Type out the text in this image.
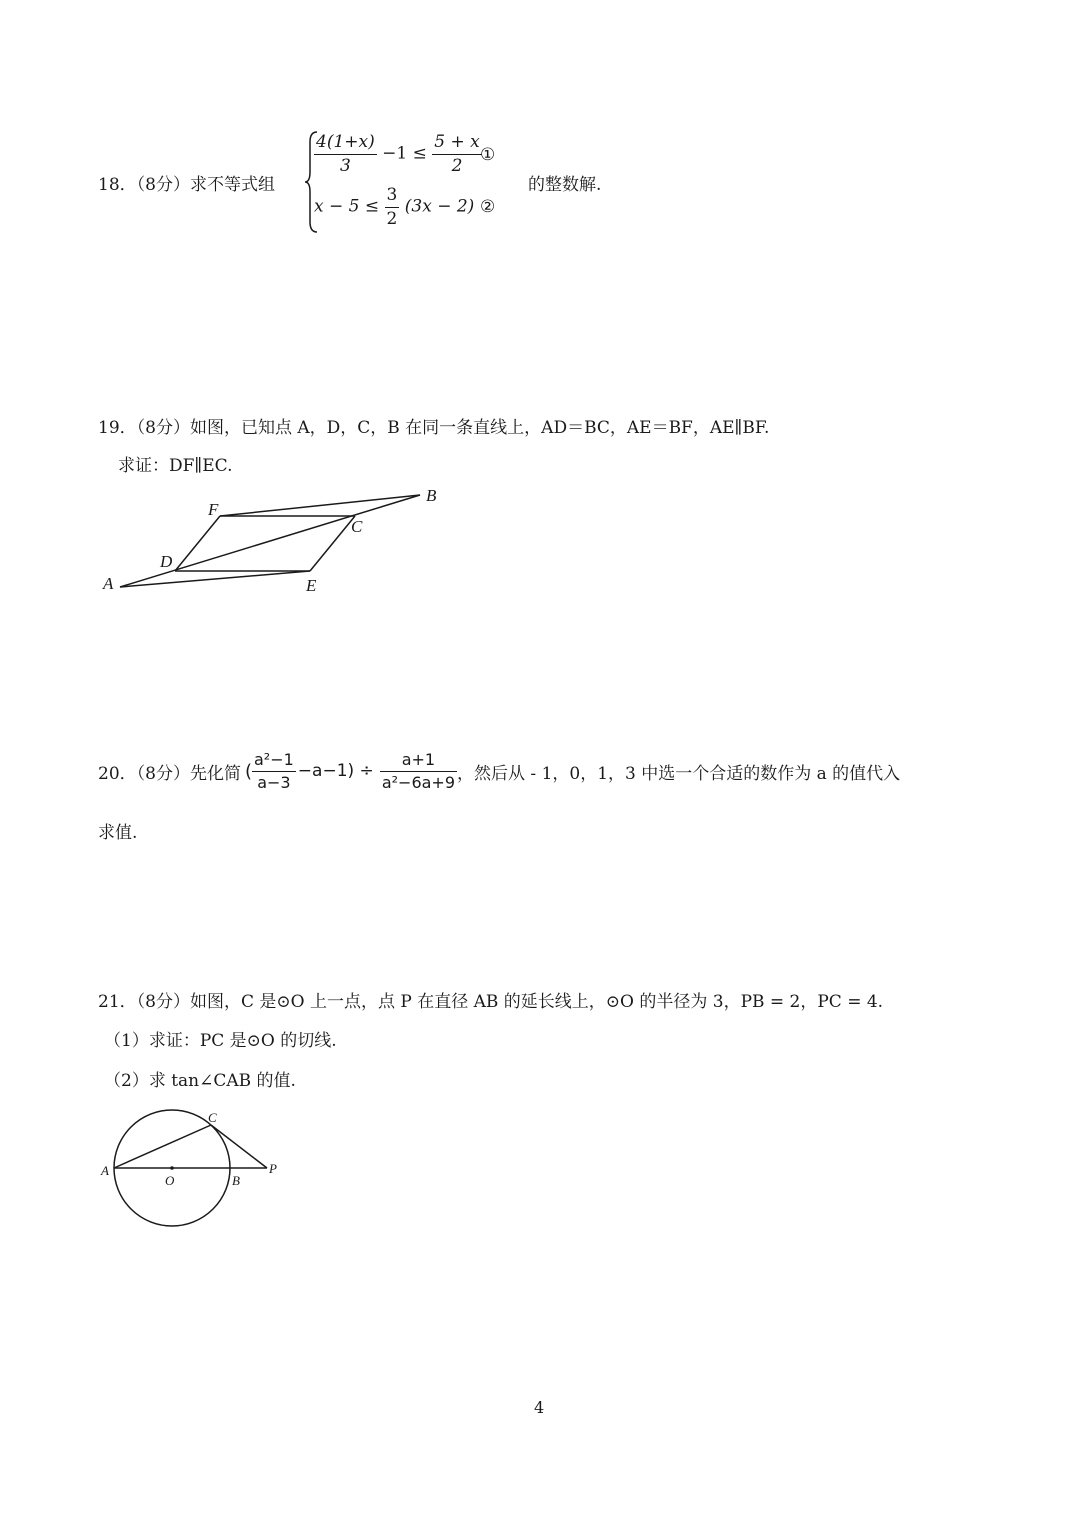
18．（8分）求不等式组
$\frac{4(1+x)}{3} -1 \le \frac{5 + x}{2}$
①
$x - 5 \le \frac{3}{2} (3x - 2)$ ②
的整数解.
19．（8分）如图，已知点 A，D，C，B 在同一条直线上，AD＝BC，AE＝BF，AE∥BF.
求证：DF∥EC.
A
B
C
D
E
F
20．（8分）先化简 ( $\frac{\text{a²−1}}{a-3} -a-1) \div \frac{a+1}{\text{a²−6a+9}}$ ，然后从 - 1，0，1，3 中选一个合适的数作为 a 的值代入
求值.
21．（8分）如图，C 是⊙O 上一点，点 P 在直径 AB 的延长线上，⊙O 的半径为 3，PB = 2，PC = 4.
（1）求证：PC 是⊙O 的切线.
（2）求 tan∠CAB 的值.
A
B
C
O
P
4
